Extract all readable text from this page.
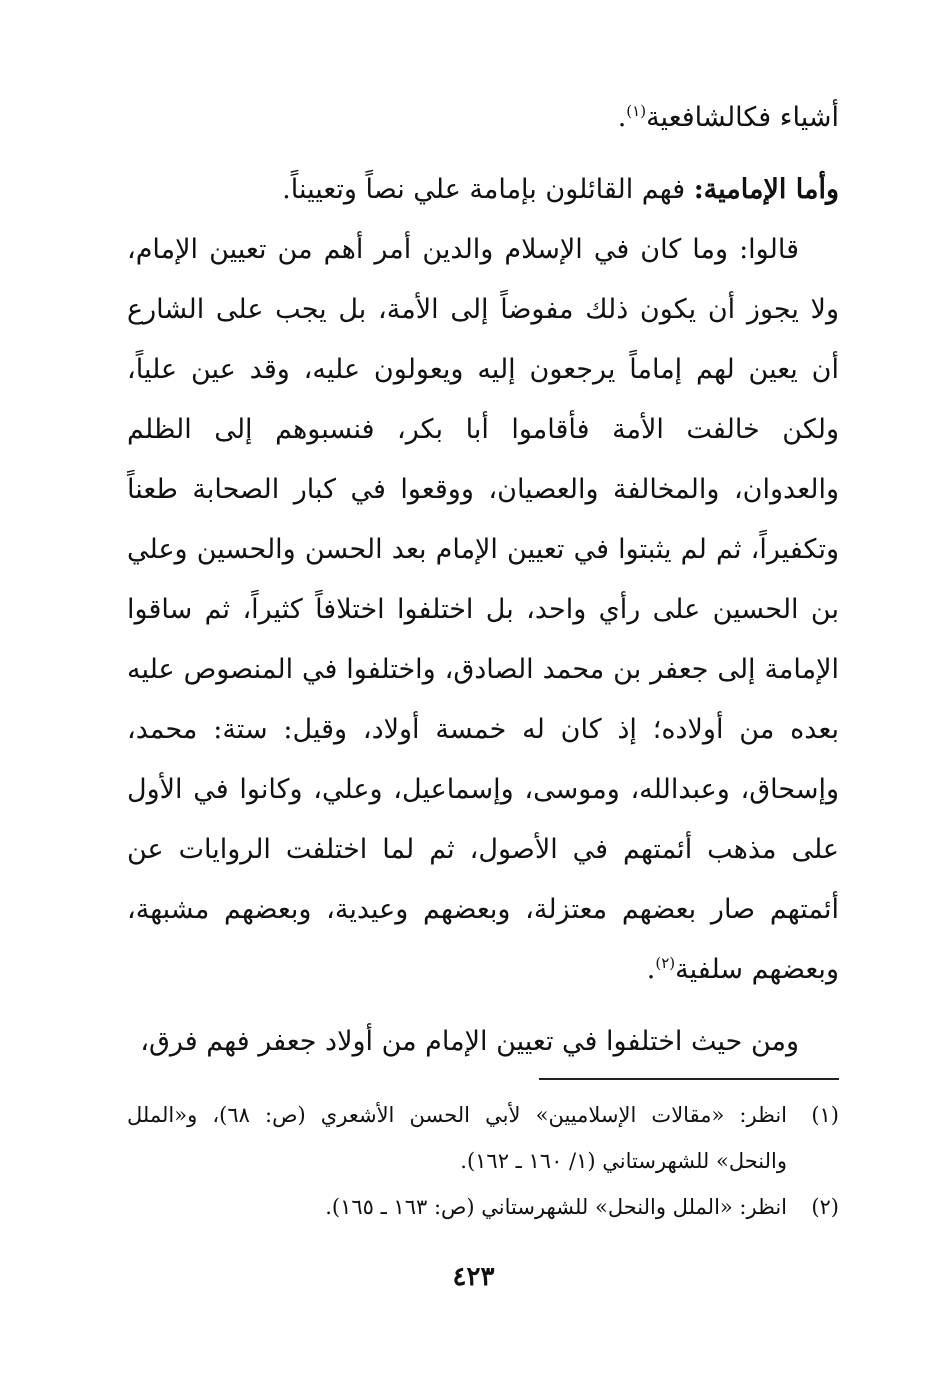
أشياء فكالشافعية$^{(١)}$.

وأما الإمامية: فهم القائلون بإمامة علي نصاً وتعييناً.

قالوا: وما كان في الإسلام والدين أمر أهم من تعيين الإمام، ولا يجوز أن يكون ذلك مفوضاً إلى الأمة، بل يجب على الشارع أن يعين لهم إماماً يرجعون إليه ويعولون عليه، وقد عين علياً، ولكن خالفت الأمة فأقاموا أبا بكر، فنسبوهم إلى الظلم والعدوان، والمخالفة والعصيان، ووقعوا في كبار الصحابة طعناً وتكفيراً، ثم لم يثبتوا في تعيين الإمام بعد الحسن والحسين وعلي بن الحسين على رأي واحد، بل اختلفوا اختلافاً كثيراً، ثم ساقوا الإمامة إلى جعفر بن محمد الصادق، واختلفوا في المنصوص عليه بعده من أولاده؛ إذ كان له خمسة أولاد، وقيل: ستة: محمد، وإسحاق، وعبدالله، وموسى، وإسماعيل، وعلي، وكانوا في الأول على مذهب أئمتهم في الأصول، ثم لما اختلفت الروايات عن أئمتهم صار بعضهم معتزلة، وبعضهم وعيدية، وبعضهم مشبهة، وبعضهم سلفية$^{(٢)}$.

ومن حيث اختلفوا في تعيين الإمام من أولاد جعفر فهم فرق،

(١)
انظر: «مقالات الإسلاميين» لأبي الحسن الأشعري (ص: ٦٨)، و«الملل والنحل» للشهرستاني (١/ ١٦٠ ـ ١٦٢).

(٢)
انظر: «الملل والنحل» للشهرستاني (ص: ١٦٣ ـ ١٦٥).

٤٢٣
